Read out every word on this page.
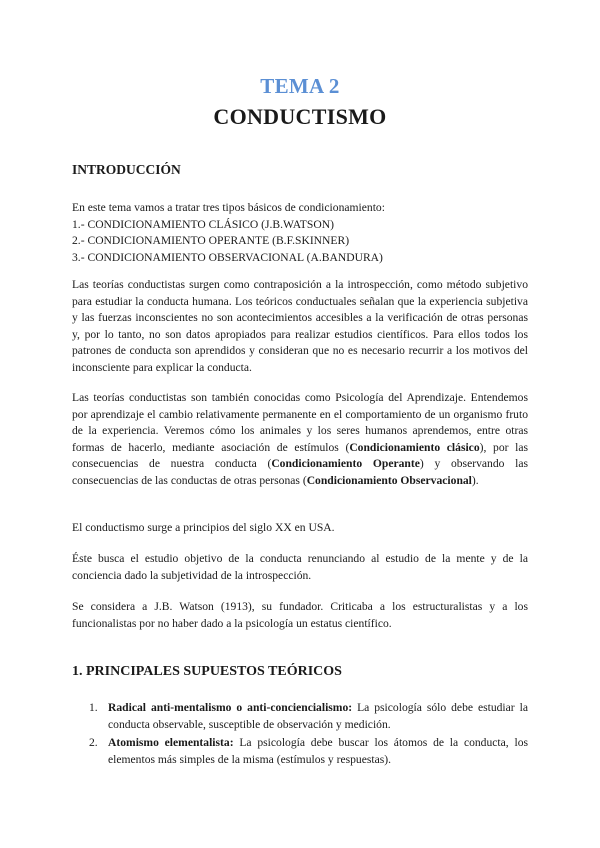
TEMA 2
CONDUCTISMO
INTRODUCCIÓN
En este tema vamos a tratar tres tipos básicos de condicionamiento:
1.- CONDICIONAMIENTO CLÁSICO (J.B.WATSON)
2.- CONDICIONAMIENTO OPERANTE (B.F.SKINNER)
3.- CONDICIONAMIENTO OBSERVACIONAL (A.BANDURA)

Las teorías conductistas surgen como contraposición a la introspección, como método subjetivo para estudiar la conducta humana. Los teóricos conductuales señalan que la experiencia subjetiva y las fuerzas inconscientes no son acontecimientos accesibles a la verificación de otras personas y, por lo tanto, no son datos apropiados para realizar estudios científicos. Para ellos todos los patrones de conducta son aprendidos y consideran que no es necesario recurrir a los motivos del inconsciente para explicar la conducta.

Las teorías conductistas son también conocidas como Psicología del Aprendizaje. Entendemos por aprendizaje el cambio relativamente permanente en el comportamiento de un organismo fruto de la experiencia. Veremos cómo los animales y los seres humanos aprendemos, entre otras formas de hacerlo, mediante asociación de estímulos (Condicionamiento clásico), por las consecuencias de nuestra conducta (Condicionamiento Operante) y observando las consecuencias de las conductas de otras personas (Condicionamiento Observacional).

El conductismo surge a principios del siglo XX en USA.

Éste busca el estudio objetivo de la conducta renunciando al estudio de la mente y de la conciencia dado la subjetividad de la introspección.

Se considera a J.B. Watson (1913), su fundador. Criticaba a los estructuralistas y a los funcionalistas por no haber dado a la psicología un estatus científico.

1. PRINCIPALES SUPUESTOS TEÓRICOS
1. Radical anti-mentalismo o anti-conciencialismo: La psicología sólo debe estudiar la conducta observable, susceptible de observación y medición.
2. Atomismo elementalista: La psicología debe buscar los átomos de la conducta, los elementos más simples de la misma (estímulos y respuestas).
